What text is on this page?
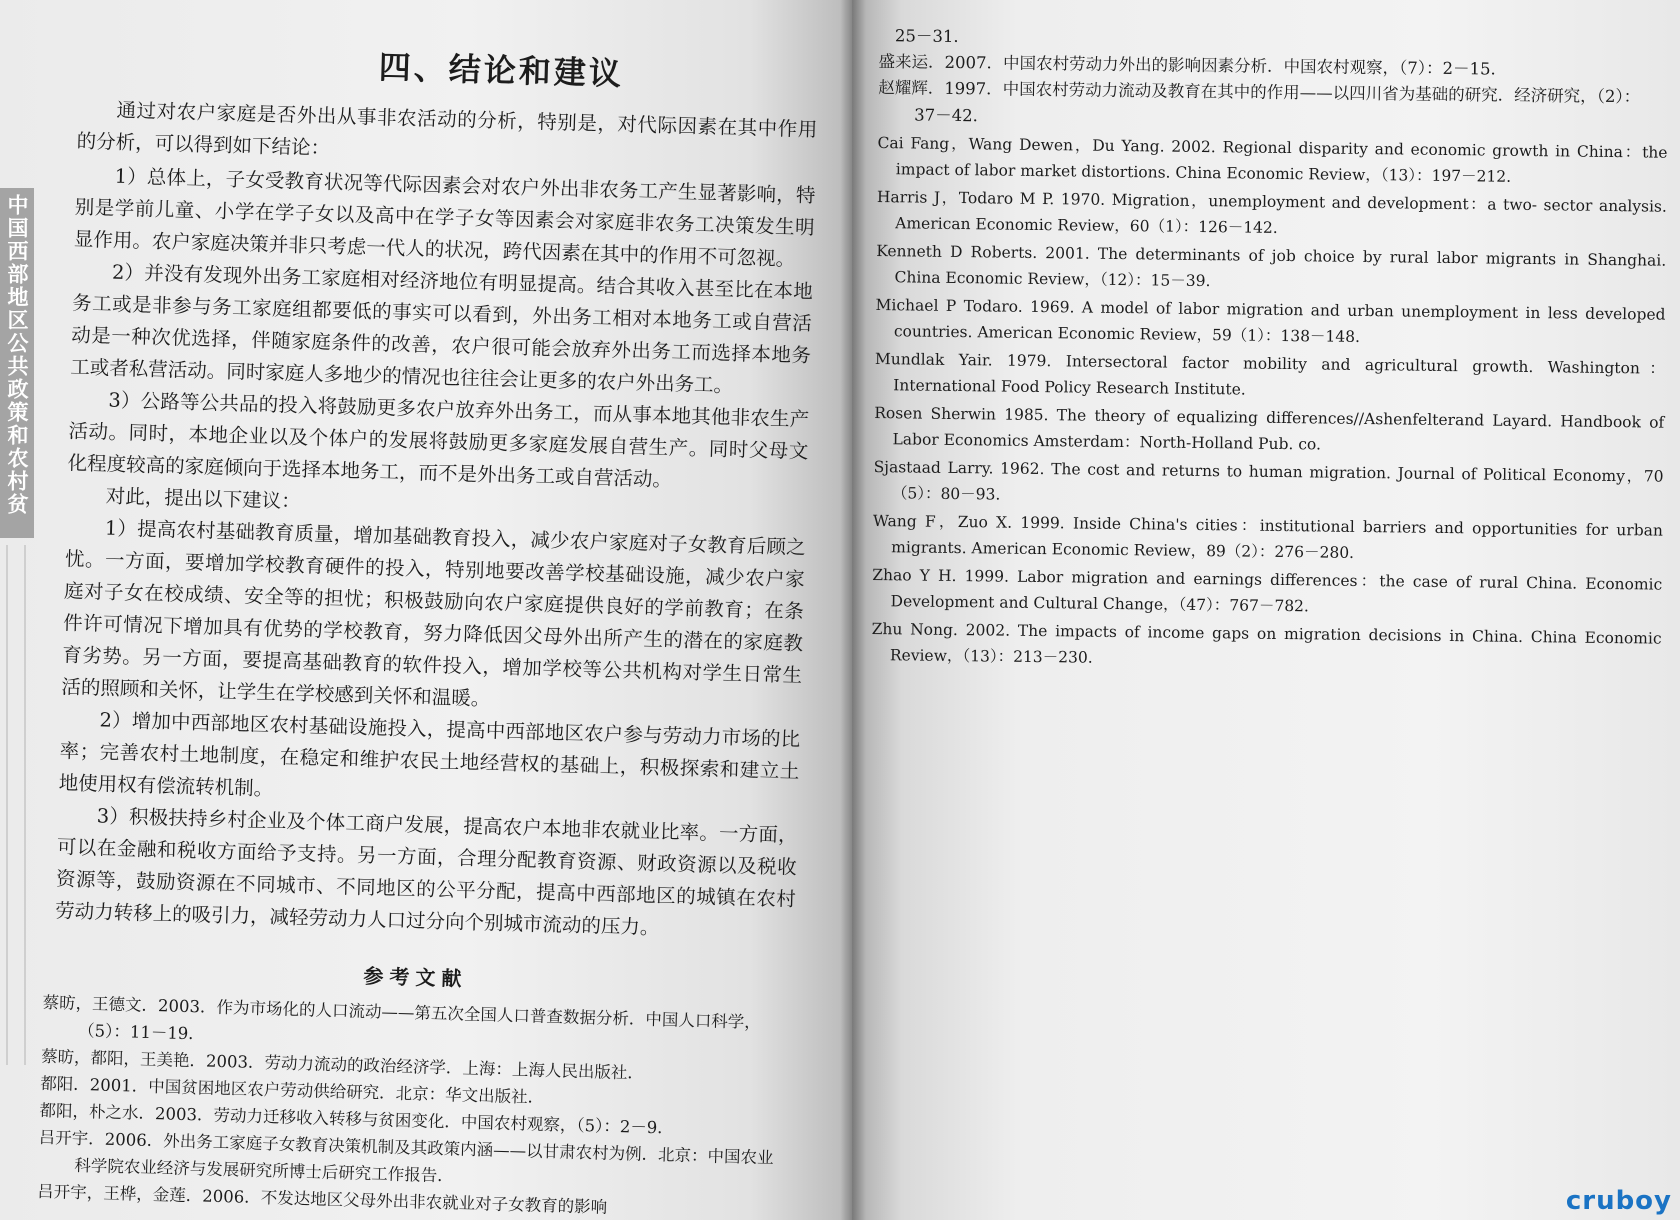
中国西部地区公共政策和农村贫
四、结论和建议

通过对农户家庭是否外出从事非农活动的分析，特别是，对代际因素在其中作用的分析，可以得到如下结论：

1）总体上，子女受教育状况等代际因素会对农户外出非农务工产生显著影响，特别是学前儿童、小学在学子女以及高中在学子女等因素会对家庭非农务工决策发生明显作用。农户家庭决策并非只考虑一代人的状况，跨代因素在其中的作用不可忽视。

2）并没有发现外出务工家庭相对经济地位有明显提高。结合其收入甚至比在本地务工或是非参与务工家庭组都要低的事实可以看到，外出务工相对本地务工或自营活动是一种次优选择，伴随家庭条件的改善，农户很可能会放弃外出务工而选择本地务工或者私营活动。同时家庭人多地少的情况也往往会让更多的农户外出务工。

3）公路等公共品的投入将鼓励更多农户放弃外出务工，而从事本地其他非农生产活动。同时，本地企业以及个体户的发展将鼓励更多家庭发展自营生产。同时父母文化程度较高的家庭倾向于选择本地务工，而不是外出务工或自营活动。

对此，提出以下建议：

1）提高农村基础教育质量，增加基础教育投入，减少农户家庭对子女教育后顾之忧。一方面，要增加学校教育硬件的投入，特别地要改善学校基础设施，减少农户家庭对子女在校成绩、安全等的担忧；积极鼓励向农户家庭提供良好的学前教育；在条件许可情况下增加具有优势的学校教育，努力降低因父母外出所产生的潜在的家庭教育劣势。另一方面，要提高基础教育的软件投入，增加学校等公共机构对学生日常生活的照顾和关怀，让学生在学校感到关怀和温暖。

2）增加中西部地区农村基础设施投入，提高中西部地区农户参与劳动力市场的比率；完善农村土地制度，在稳定和维护农民土地经营权的基础上，积极探索和建立土地使用权有偿流转机制。

3）积极扶持乡村企业及个体工商户发展，提高农户本地非农就业比率。一方面，可以在金融和税收方面给予支持。另一方面，合理分配教育资源、财政资源以及税收资源等，鼓励资源在不同城市、不同地区的公平分配，提高中西部地区的城镇在农村劳动力转移上的吸引力，减轻劳动力人口过分向个别城市流动的压力。

参考文献

蔡昉，王德文．2003．作为市场化的人口流动——第五次全国人口普查数据分析．中国人口科学，（5）：11－19．

蔡昉，都阳，王美艳．2003．劳动力流动的政治经济学．上海：上海人民出版社．

都阳．2001．中国贫困地区农户劳动供给研究．北京：华文出版社．

都阳，朴之水．2003．劳动力迁移收入转移与贫困变化．中国农村观察，（5）：2－9．

吕开宇．2006．外出务工家庭子女教育决策机制及其政策内涵——以甘肃农村为例．北京：中国农业科学院农业经济与发展研究所博士后研究工作报告．

吕开宇，王桦，金莲．2006．不发达地区父母外出非农就业对子女教育的影响

25－31．

盛来运．2007．中国农村劳动力外出的影响因素分析．中国农村观察，（7）：2－15．

赵耀辉．1997．中国农村劳动力流动及教育在其中的作用——以四川省为基础的研究．经济研究，（2）：37－42．

Cai Fang，Wang Dewen，Du Yang. 2002. Regional disparity and economic growth in China：the impact of labor market distortions. China Economic Review，（13）：197－212.

Harris J，Todaro M P. 1970. Migration，unemployment and development：a two- sector analysis. American Economic Review，60（1）：126－142.

Kenneth D Roberts. 2001. The determinants of job choice by rural labor migrants in Shanghai. China Economic Review，（12）：15－39.

Michael P Todaro. 1969. A model of labor migration and urban unemployment in less developed countries. American Economic Review，59（1）：138－148.

Mundlak Yair. 1979. Intersectoral factor mobility and agricultural growth. Washington：International Food Policy Research Institute.

Rosen Sherwin 1985. The theory of equalizing differences//Ashenfelterand Layard. Handbook of Labor Economics Amsterdam：North-Holland Pub. co.

Sjastaad Larry. 1962. The cost and returns to human migration. Journal of Political Economy，70（5）：80－93.

Wang F，Zuo X. 1999. Inside China's cities：institutional barriers and opportunities for urban migrants. American Economic Review，89（2）：276－280.

Zhao Y H. 1999. Labor migration and earnings differences：the case of rural China. Economic Development and Cultural Change，（47）：767－782.

Zhu Nong. 2002. The impacts of income gaps on migration decisions in China. China Economic Review，（13）：213－230.

cruboy
